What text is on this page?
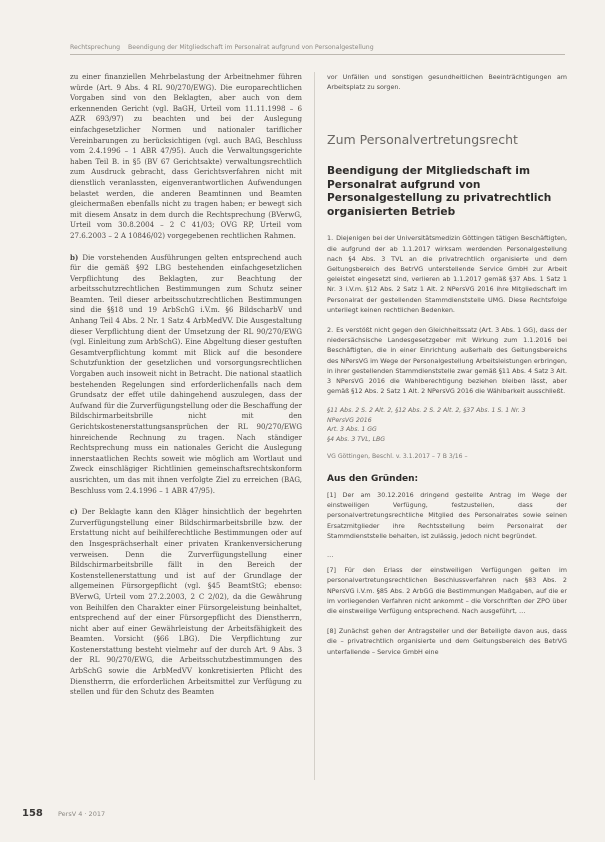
Rechtsprechung Beendigung der Mitgliedschaft im Personalrat aufgrund von Personalgestellung

zu einer finanziellen Mehrbelastung der Arbeitnehmer führen würde (Art. 9 Abs. 4 RL 90/270/EWG). Die europarechtlichen Vorgaben sind von den Beklagten, aber auch von dem erkennenden Gericht (vgl. BaGH, Urteil vom 11.11.1998 – 6 AZR 693/97) zu beachten und bei der Auslegung einfachgesetzlicher Normen und nationaler tariflicher Vereinbarungen zu berücksichtigen (vgl. auch BAG, Beschluss vom 2.4.1996 – 1 ABR 47/95). Auch die Verwaltungsgerichte haben Teil B. in §5 (BV 67 Gerichtsakte) verwaltungsrechtlich zum Ausdruck gebracht, dass Gerichtsverfahren nicht mit dienstlich veranlassten, eigenverantwortlichen Aufwendungen belastet werden, die anderen Beamtinnen und Beamten gleichermaßen ebenfalls nicht zu tragen haben; er bewegt sich mit diesem Ansatz in dem durch die Rechtsprechung (BVerwG, Urteil vom 30.8.2004 – 2 C 41/03; OVG RP, Urteil vom 27.6.2003 – 2 A 10846/02) vorgegebenen rechtlichen Rahmen.

b) Die vorstehenden Ausführungen gelten entsprechend auch für die gemäß §92 LBG bestehenden einfachgesetzlichen Verpflichtung des Beklagten, zur Beachtung der arbeitsschutzrechtlichen Bestimmungen zum Schutz seiner Beamten. Teil dieser arbeitsschutzrechtlichen Bestimmungen sind die §§18 und 19 ArbSchG i.V.m. §6 BildscharbV und Anhang Teil 4 Abs. 2 Nr. 1 Satz 4 ArbMedVV. Die Ausgestaltung dieser Verpflichtung dient der Umsetzung der RL 90/270/EWG (vgl. Einleitung zum ArbSchG). Eine Abgeltung dieser gestuften Gesamtverpflichtung kommt mit Blick auf die besondere Schutzfunktion der gesetzlichen und vorsorgungsrechtlichen Vorgaben auch insoweit nicht in Betracht. Die national staatlich bestehenden Regelungen sind erforderlichenfalls nach dem Grundsatz der effet utile dahingehend auszulegen, dass der Aufwand für die Zurverfügungstellung oder die Beschaffung der Bildschirmarbeitsbrille nicht mit den Gerichtskostenerstattungsansprüchen der RL 90/270/EWG hinreichende Rechnung zu tragen. Nach ständiger Rechtsprechung muss ein nationales Gericht die Auslegung innerstaatlichen Rechts soweit wie möglich am Wortlaut und Zweck einschlägiger Richtlinien gemeinschaftsrechtskonform ausrichten, um das mit ihnen verfolgte Ziel zu erreichen (BAG, Beschluss vom 2.4.1996 – 1 ABR 47/95).

c) Der Beklagte kann den Kläger hinsichtlich der begehrten Zurverfügungstellung einer Bildschirmarbeitsbrille bzw. der Erstattung nicht auf beihilferechtliche Bestimmungen oder auf den Insgesprächserhalt einer privaten Krankenversicherung verweisen. Denn die Zurverfügungstellung einer Bildschirmarbeitsbrille fällt in den Bereich der Kostenstellenerstattung und ist auf der Grundlage der allgemeinen Fürsorgepflicht (vgl. §45 BeamtStG; ebenso: BVerwG, Urteil vom 27.2.2003, 2 C 2/02), da die Gewährung von Beihilfen den Charakter einer Fürsorgeleistung beinhaltet, entsprechend auf der einer Fürsorgepflicht des Dienstherrn, nicht aber auf einer Gewährleistung der Arbeitsfähigkeit des Beamten. Vorsicht (§66 LBG). Die Verpflichtung zur Kostenerstattung besteht vielmehr auf der durch Art. 9 Abs. 3 der RL 90/270/EWG, die Arbeitsschutzbestimmungen des ArbSchG sowie die ArbMedVV konkretisierten Pflicht des Dienstherrn, die erforderlichen Arbeitsmittel zur Verfügung zu stellen und für den Schutz des Beamten

vor Unfällen und sonstigen gesundheitlichen Beeinträchtigungen am Arbeitsplatz zu sorgen.

Zum Personalvertretungsrecht
Beendigung der Mitgliedschaft im Personalrat aufgrund von Personalgestellung zu privatrechtlich organisierten Betrieb

1. Diejenigen bei der Universitätsmedizin Göttingen tätigen Beschäftigten, die aufgrund der ab 1.1.2017 wirksam werdenden Personalgestellung nach §4 Abs. 3 TVL an die privatrechtlich organisierte und dem Geltungsbereich des BetrVG unterstellende Service GmbH zur Arbeit geleistet eingesetzt sind, verlieren ab 1.1.2017 gemäß §37 Abs. 1 Satz 1 Nr. 3 i.V.m. §12 Abs. 2 Satz 1 Alt. 2 NPersVG 2016 ihre Mitgliedschaft im Personalrat der gestellenden Stammdienststelle UMG. Diese Rechtsfolge unterliegt keinen rechtlichen Bedenken.

2. Es verstößt nicht gegen den Gleichheitssatz (Art. 3 Abs. 1 GG), dass der niedersächsische Landesgesetzgeber mit Wirkung zum 1.1.2016 bei Beschäftigten, die in einer Einrichtung außerhalb des Geltungsbereichs des NPersVG im Wege der Personalgestellung Arbeitsleistungen erbringen, in ihrer gestellenden Stammdienststelle zwar gemäß §11 Abs. 4 Satz 3 Alt. 3 NPersVG 2016 die Wahlberechtigung beziehen bleiben lässt, aber gemäß §12 Abs. 2 Satz 1 Alt. 2 NPersVG 2016 die Wählbarkeit ausschließt.

§11 Abs. 2 S. 2 Alt. 2, §12 Abs. 2 S. 2 Alt. 2, §37 Abs. 1 S. 1 Nr. 3
NPersVG 2016
Art. 3 Abs. 1 GG
§4 Abs. 3 TVL, LBG
VG Göttingen, Beschl. v. 3.1.2017 – 7 B 3/16 –
Aus den Gründen:

[1] Der am 30.12.2016 dringend gestellte Antrag im Wege der einstweiligen Verfügung, festzustellen, dass der personalvertretungsrechtliche Mitglied des Personalrates sowie seinen Ersatzmitglieder ihre Rechtsstellung beim Personalrat der Stammdienststelle behalten, ist zulässig, jedoch nicht begründet.

…

[7] Für den Erlass der einstweiligen Verfügungen gelten im personalvertretungsrechtlichen Beschlussverfahren nach §83 Abs. 2 NPersVG i.V.m. §85 Abs. 2 ArbGG die Bestimmungen Maßgaben, auf die er im vorliegenden Verfahren nicht ankommt – die Vorschriften der ZPO über die einstweilige Verfügung entsprechend. Nach ausgeführt, …

[8] Zunächst gehen der Antragsteller und der Beteiligte davon aus, dass die – privatrechtlich organisierte und dem Geltungsbereich des BetrVG unterfallende – Service GmbH eine

158 PersV 4 · 2017
